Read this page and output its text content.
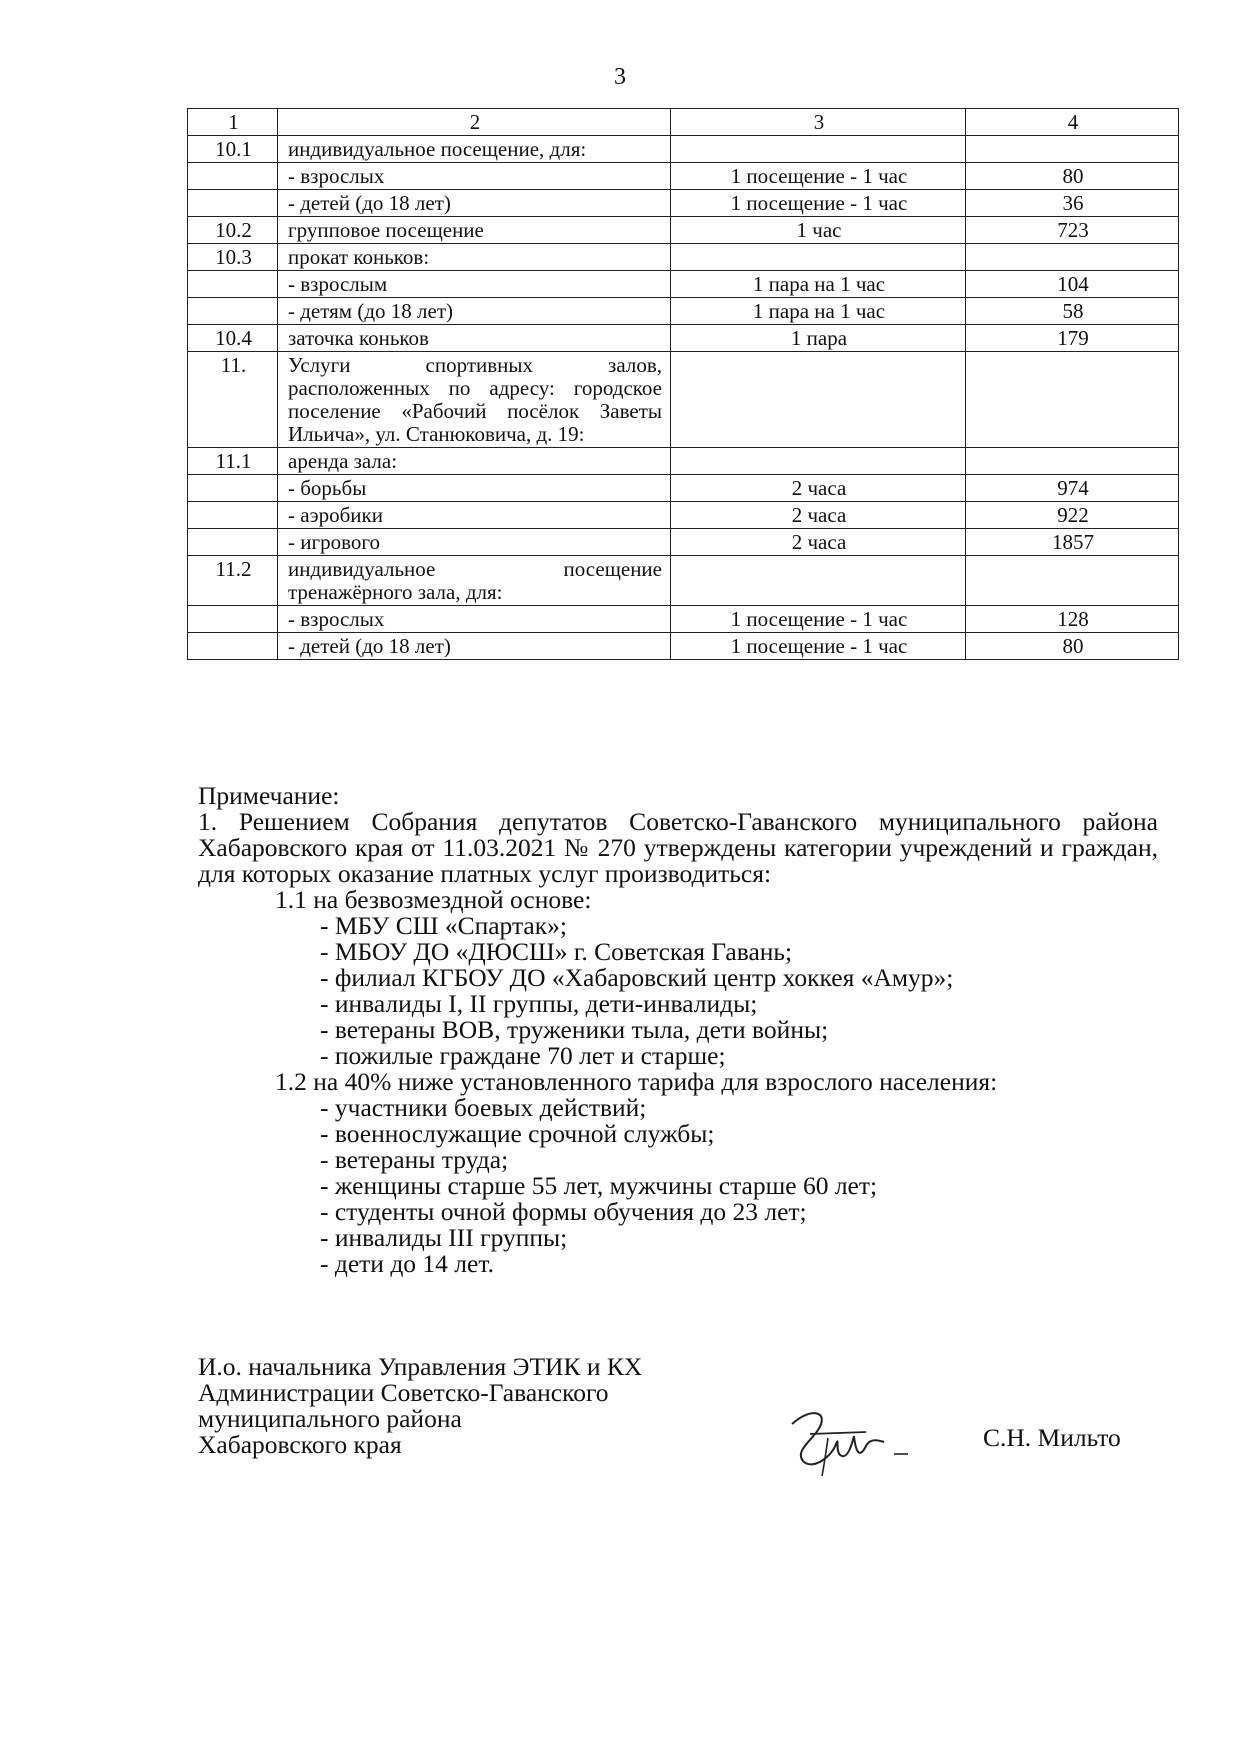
3
1	2	3	4
10.1	индивидуальное посещение, для:		
	- взрослых	1 посещение - 1 час	80
	- детей (до 18 лет)	1 посещение - 1 час	36
10.2	групповое посещение	1 час	723
10.3	прокат коньков:		
	- взрослым	1 пара на 1 час	104
	- детям (до 18 лет)	1 пара на 1 час	58
10.4	заточка коньков	1 пара	179
11.	Услуги спортивных залов, расположенных по адресу: городское поселение «Рабочий посёлок Заветы Ильича», ул. Станюковича, д. 19:		
11.1	аренда зала:		
	- борьбы	2 часа	974
	- аэробики	2 часа	922
	- игрового	2 часа	1857
11.2	индивидуальное посещение тренажёрного зала, для:		
	- взрослых	1 посещение - 1 час	128
	- детей (до 18 лет)	1 посещение - 1 час	80

Примечание:

1. Решением Собрания депутатов Советско-Гаванского муниципального района Хабаровского края от 11.03.2021 № 270 утверждены категории учреждений и граждан, для которых оказание платных услуг производиться:

1.1 на безвозмездной основе:

- МБУ СШ «Спартак»;

- МБОУ ДО «ДЮСШ» г. Советская Гавань;

- филиал КГБОУ ДО «Хабаровский центр хоккея «Амур»;

- инвалиды I, II группы, дети-инвалиды;

- ветераны ВОВ, труженики тыла, дети войны;

- пожилые граждане 70 лет и старше;

1.2 на 40% ниже установленного тарифа для взрослого населения:

- участники боевых действий;

- военнослужащие срочной службы;

- ветераны труда;

- женщины старше 55 лет, мужчины старше 60 лет;

- студенты очной формы обучения до 23 лет;

- инвалиды III группы;

- дети до 14 лет.

И.о. начальника Управления ЭТИК и КХ

Администрации Советско-Гаванского

муниципального района

Хабаровского края	С.Н. Мильто
